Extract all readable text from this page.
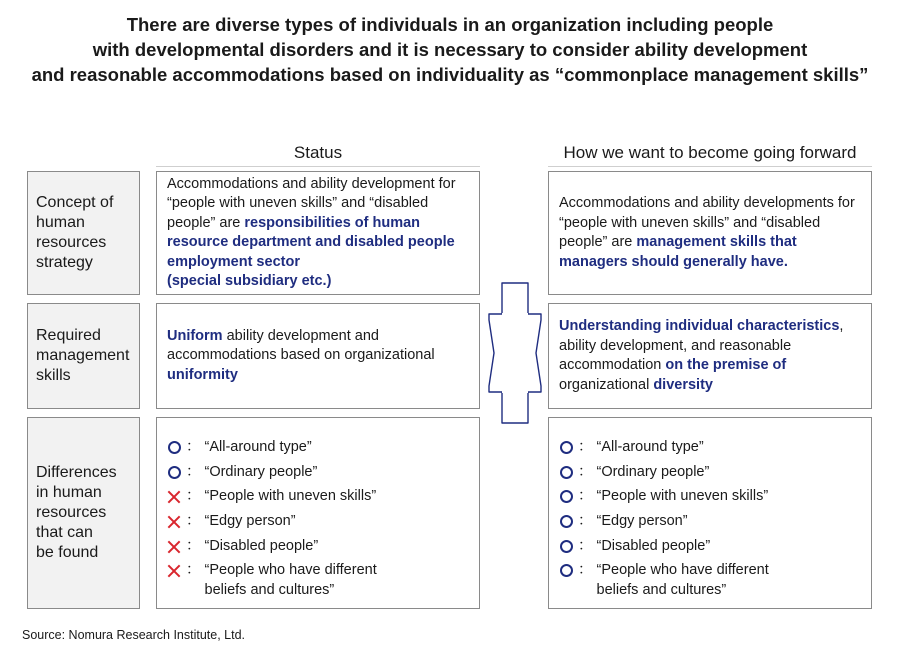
There are diverse types of individuals in an organization including people
with developmental disorders and it is necessary to consider ability development
and reasonable accommodations based on individuality as “commonplace management skills”
Status	How we want to become going forward
Concept of
human
resources
strategy
Accommodations and ability development for “people with uneven skills” and “disabled people” are responsibilities of human resource department and disabled people employment sector
(special subsidiary etc.)
Accommodations and ability developments for “people with uneven skills” and “disabled people” are management skills that managers should generally have.
Required
management
skills
Uniform ability development and accommodations based on organizational uniformity
Understanding individual characteristics, ability development, and reasonable accommodation on the premise of organizational diversity
Differences
in human
resources
that can
be found
： “All-around type”
： “Ordinary people”
： “People with uneven skills”
： “Edgy person”
： “Disabled people”
： “People who have different
beliefs and cultures”
： “All-around type”
： “Ordinary people”
： “People with uneven skills”
： “Edgy person”
： “Disabled people”
： “People who have different
beliefs and cultures”
Source: Nomura Research Institute, Ltd.
